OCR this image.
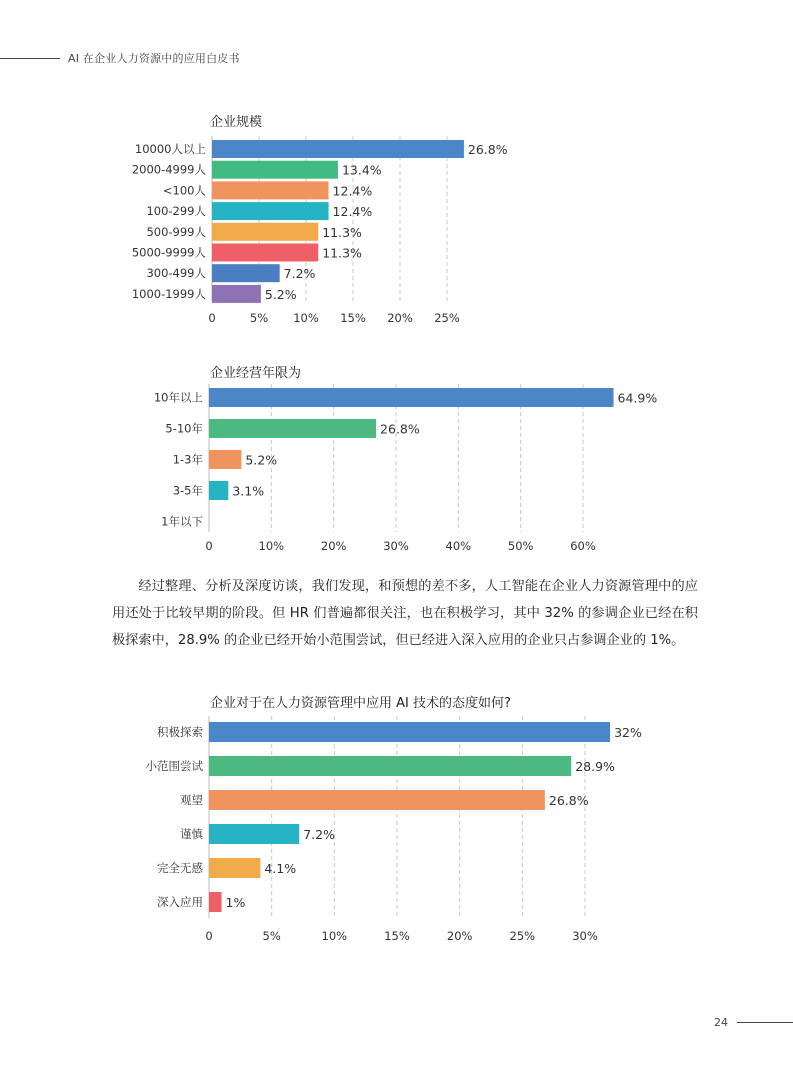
AI 在企业人力资源中的应用白皮书
企业规模
0	5% 10% 15% 20% 25%
10000人以上	26.8%
2000-4999人	13.4%
<100人	12.4%
100-299人	12.4%
500-999人	11.3%
5000-9999人	11.3%
300-499人	7.2%
1000-1999人	5.2%
企业经营年限为
0	10%	20%	30%	40%	50%	60%
10年以上	64.9%
5-10年	26.8%
1-3年	5.2%
3-5年 3.1%
1年以下
经过整理、分析及深度访谈，我们发现，和预想的差不多，人工智能在企业人力资源管理中的应用还处于比较早期的阶段。但 HR 们普遍都很关注，也在积极学习，其中 32% 的参调企业已经在积极探索中，28.9% 的企业已经开始小范围尝试，但已经进入深入应用的企业只占参调企业的 1%。
企业对于在人力资源管理中应用 AI 技术的态度如何?
0	5%	10%	15%	20%	25%	30%
积极探索	32%
小范围尝试	28.9%
观望	26.8%
谨慎	7.2%
完全无感	4.1%
深入应用 1%
24
